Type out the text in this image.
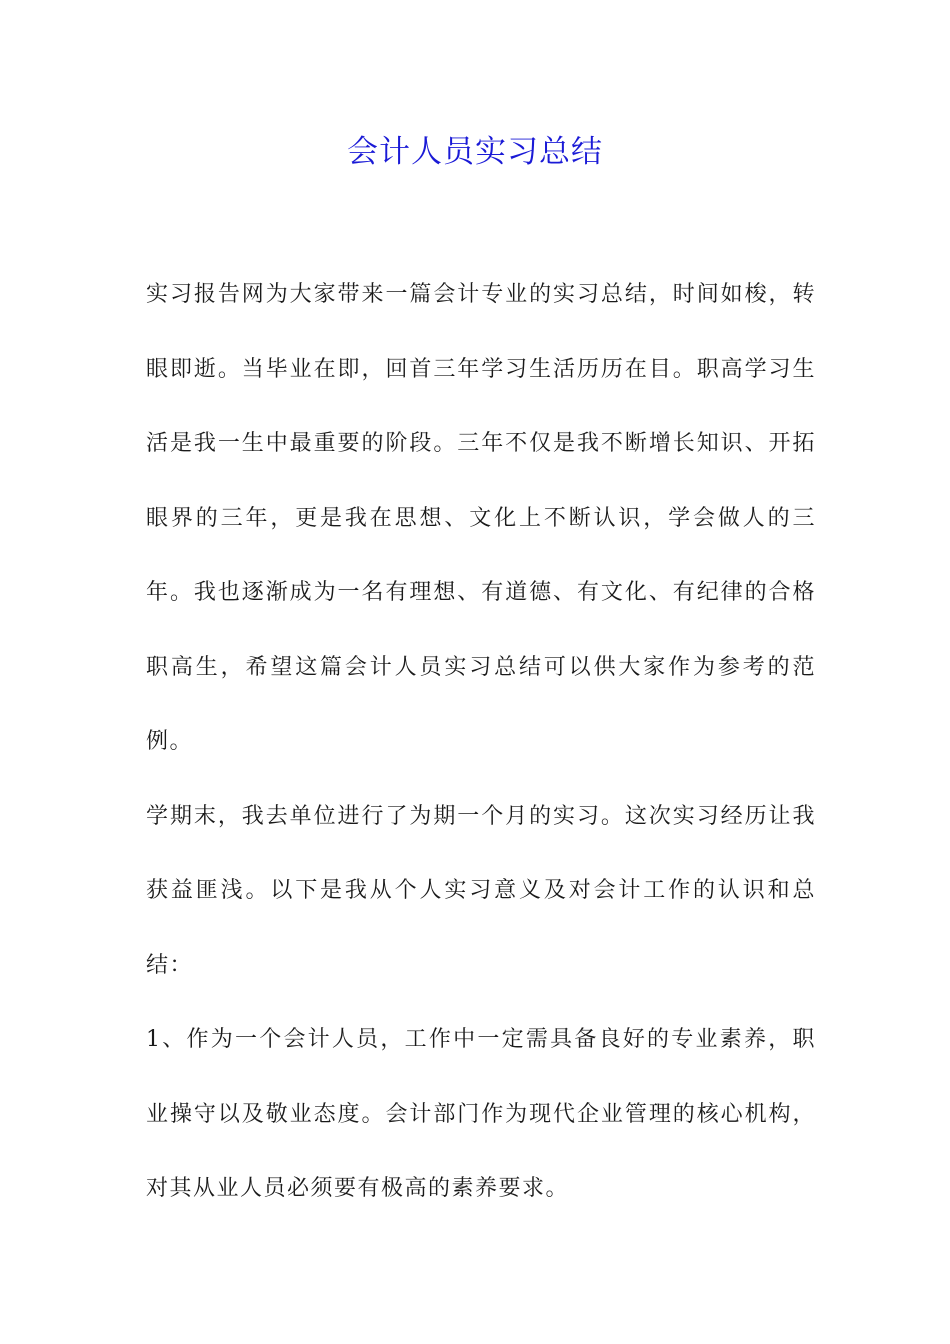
会计人员实习总结

实习报告网为大家带来一篇会计专业的实习总结，时间如梭，转眼即逝。当毕业在即，回首三年学习生活历历在目。职高学习生活是我一生中最重要的阶段。三年不仅是我不断增长知识、开拓眼界的三年，更是我在思想、文化上不断认识，学会做人的三年。我也逐渐成为一名有理想、有道德、有文化、有纪律的合格职高生，希望这篇会计人员实习总结可以供大家作为参考的范例。

学期末，我去单位进行了为期一个月的实习。这次实习经历让我获益匪浅。以下是我从个人实习意义及对会计工作的认识和总结：

1、作为一个会计人员，工作中一定需具备良好的专业素养，职业操守以及敬业态度。会计部门作为现代企业管理的核心机构，对其从业人员必须要有极高的素养要求。
